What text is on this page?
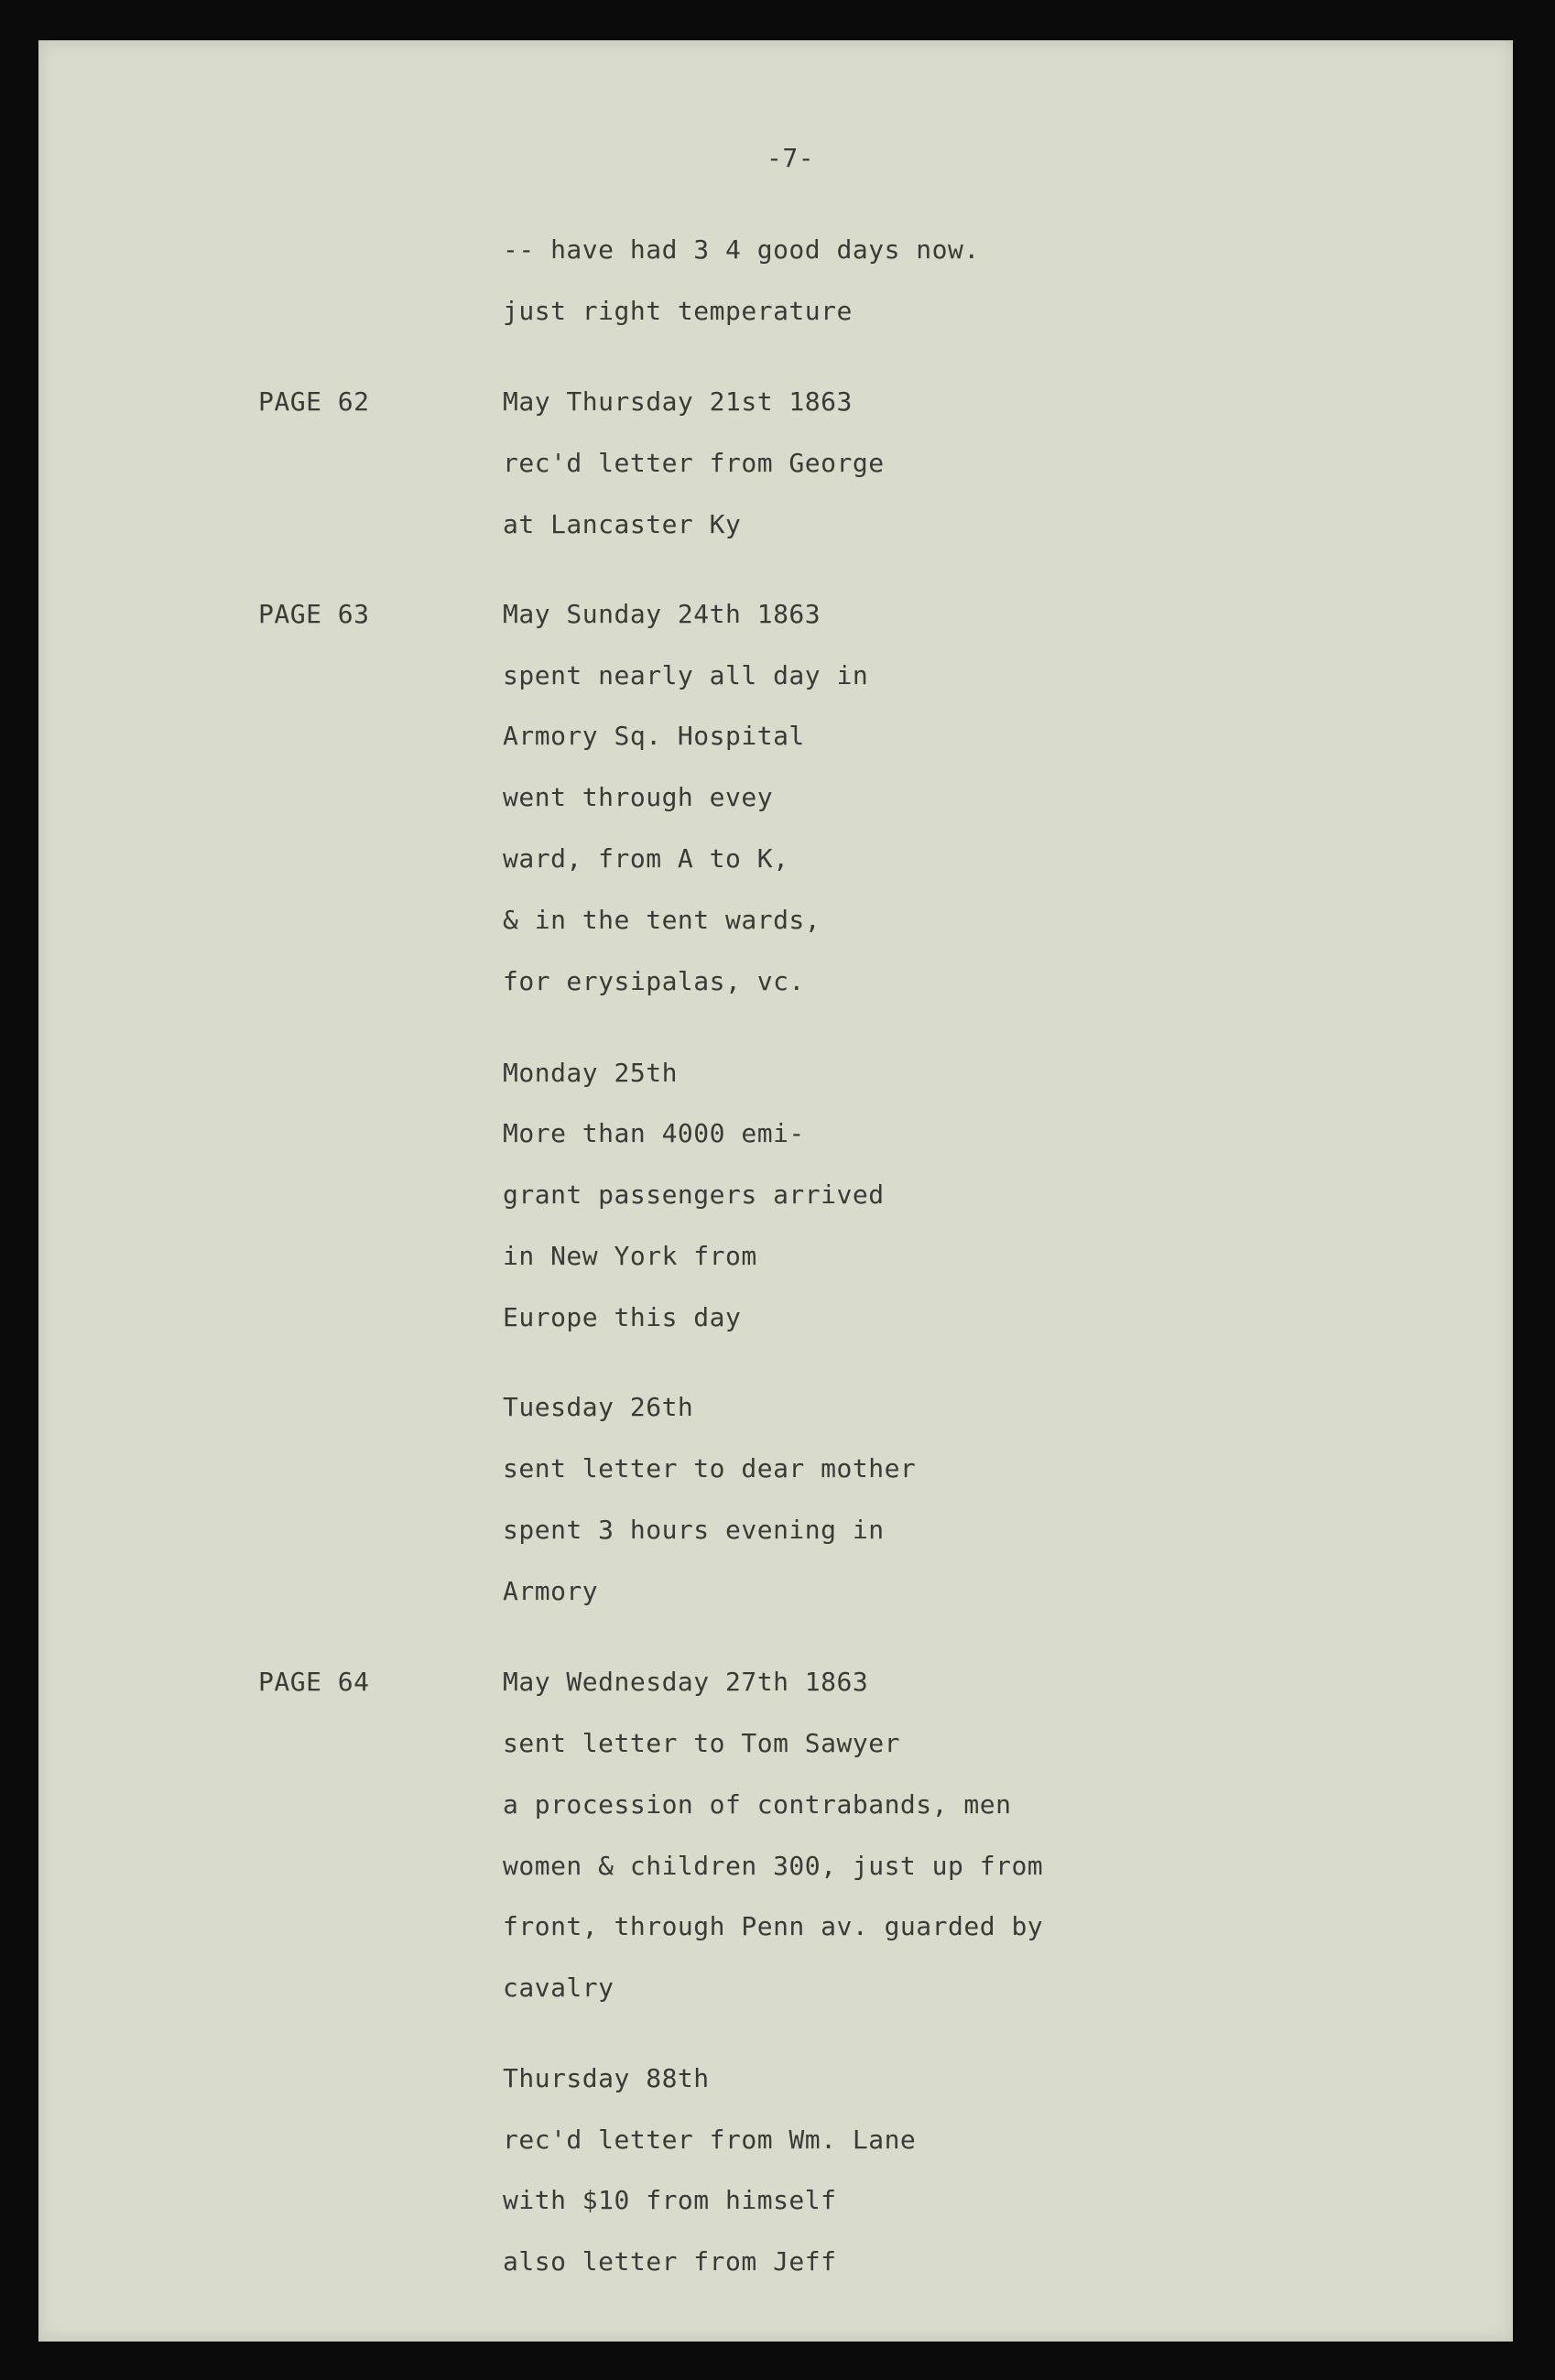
-7-
-- have had 3 4 good days now.
just right temperature
PAGE 62	May Thursday 21st 1863
rec'd letter from George
at Lancaster Ky
PAGE 63	May Sunday 24th 1863
spent nearly all day in
Armory Sq. Hospital
went through evey
ward, from A to K,
& in the tent wards,
for erysipalas, vc.
Monday 25th
More than 4000 emi-
grant passengers arrived
in New York from
Europe this day
Tuesday 26th
sent letter to dear mother
spent 3 hours evening in
Armory
PAGE 64	May Wednesday 27th 1863
sent letter to Tom Sawyer
a procession of contrabands, men
women & children 300, just up from
front, through Penn av. guarded by
cavalry
Thursday 88th
rec'd letter from Wm. Lane
with $10 from himself
also letter from Jeff
